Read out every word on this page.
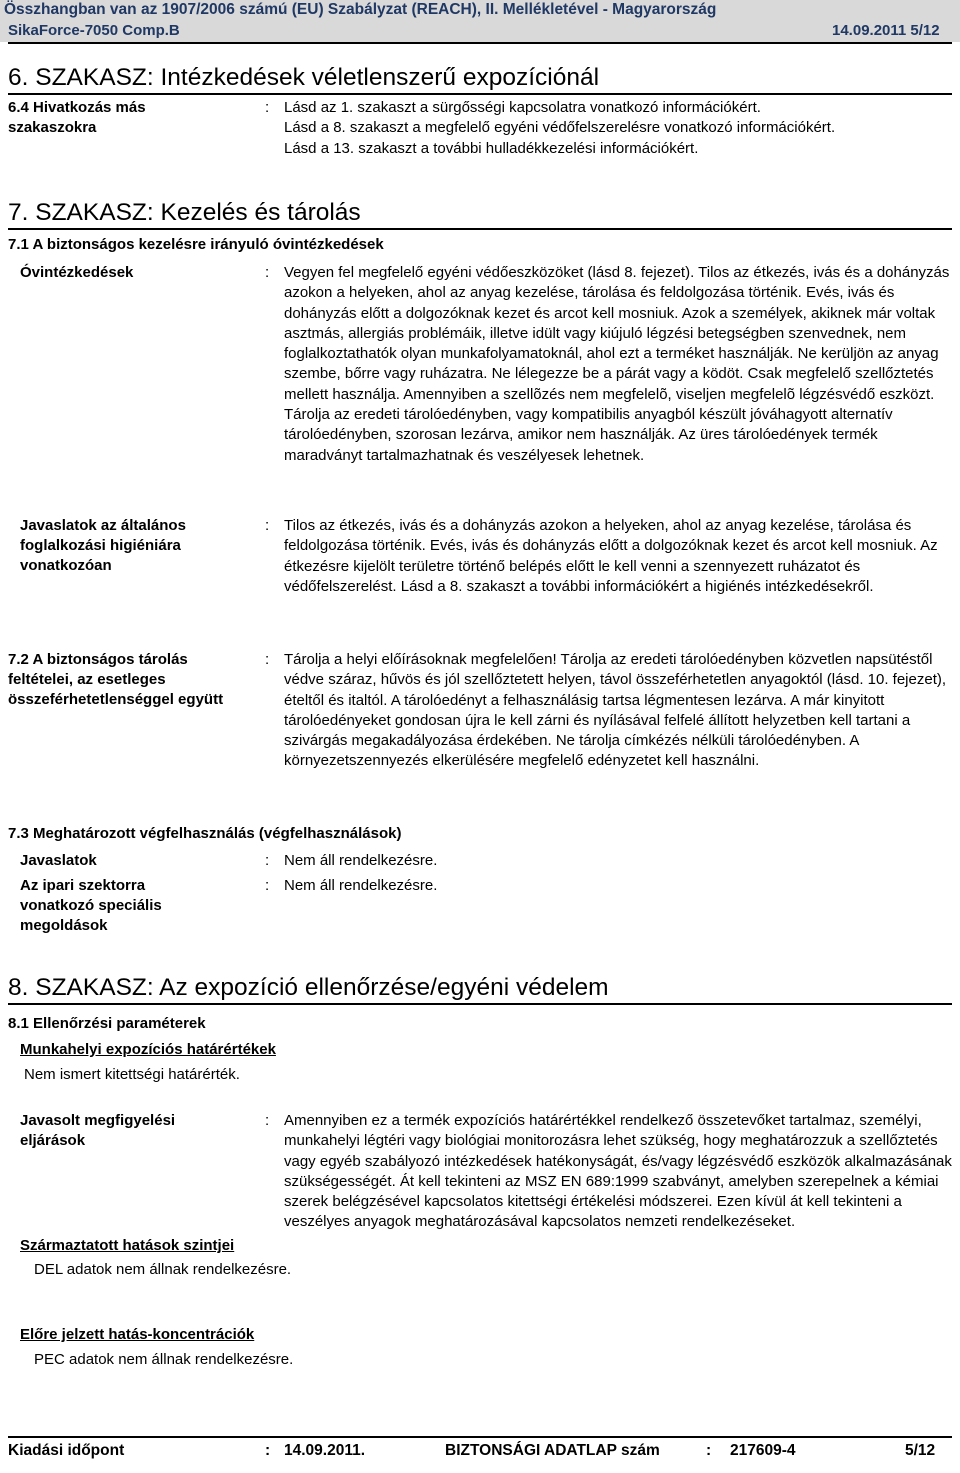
Összhangban van az 1907/2006 számú (EU) Szabályzat (REACH), II. Mellékletével - Magyarország
SikaForce-7050 Comp.B	14.09.2011 5/12
6. SZAKASZ: Intézkedések véletlenszerű expozíciónál
6.4 Hivatkozás más szakaszokra
: Lásd az 1. szakaszt a sürgősségi kapcsolatra vonatkozó információkért.
Lásd a 8. szakaszt a megfelelő egyéni védőfelszerelésre vonatkozó információkért.
Lásd a 13. szakaszt a további hulladékkezelési információkért.
7. SZAKASZ: Kezelés és tárolás
7.1 A biztonságos kezelésre irányuló óvintézkedések
Óvintézkedések	: Vegyen fel megfelelő egyéni védőeszközöket (lásd 8. fejezet). Tilos az étkezés, ivás és a dohányzás azokon a helyeken, ahol az anyag kezelése, tárolása és feldolgozása történik. Evés, ivás és dohányzás előtt a dolgozóknak kezet és arcot kell mosniuk. Azok a személyek, akiknek már voltak asztmás, allergiás problémáik, illetve idült vagy kiújuló légzési betegségben szenvednek, nem foglalkoztathatók olyan munkafolyamatoknál, ahol ezt a terméket használják. Ne kerüljön az anyag szembe, bőrre vagy ruházatra. Ne lélegezze be a párát vagy a ködöt. Csak megfelelő szellőztetés mellett használja. Amennyiben a szellõzés nem megfelelõ, viseljen megfelelõ légzésvédő eszközt. Tárolja az eredeti tárolóedényben, vagy kompatibilis anyagból készült jóváhagyott alternatív tárolóedényben, szorosan lezárva, amikor nem használják. Az üres tárolóedények termék maradványt tartalmazhatnak és veszélyesek lehetnek.
Javaslatok az általános foglalkozási higiéniára vonatkozóan
: Tilos az étkezés, ivás és a dohányzás azokon a helyeken, ahol az anyag kezelése, tárolása és feldolgozása történik. Evés, ivás és dohányzás előtt a dolgozóknak kezet és arcot kell mosniuk. Az étkezésre kijelölt területre történő belépés előtt le kell venni a szennyezett ruházatot és védőfelszerelést. Lásd a 8. szakaszt a további információkért a higiénés intézkedésekről.
7.2 A biztonságos tárolás feltételei, az esetleges összeférhetetlenséggel együtt
: Tárolja a helyi előírásoknak megfelelően! Tárolja az eredeti tárolóedényben közvetlen napsütéstől védve száraz, hűvös és jól szellőztetett helyen, távol összeférhetetlen anyagoktól (lásd. 10. fejezet), ételtől és italtól. A tárolóedényt a felhasználásig tartsa légmentesen lezárva. A már kinyitott tárolóedényeket gondosan újra le kell zárni és nyílásával felfelé állított helyzetben kell tartani a szivárgás megakadályozása érdekében. Ne tárolja címkézés nélküli tárolóedényben. A környezetszennyezés elkerülésére megfelelő edényzetet kell használni.
7.3 Meghatározott végfelhasználás (végfelhasználások)
Javaslatok	: Nem áll rendelkezésre.
Az ipari szektorra vonatkozó speciális megoldások
: Nem áll rendelkezésre.
8. SZAKASZ: Az expozíció ellenőrzése/egyéni védelem
8.1 Ellenőrzési paraméterek
Munkahelyi expozíciós határértékek
Nem ismert kitettségi határérték.
Javasolt megfigyelési eljárások
: Amennyiben ez a termék expozíciós határértékkel rendelkező összetevőket tartalmaz, személyi, munkahelyi légtéri vagy biológiai monitorozásra lehet szükség, hogy meghatározzuk a szellőztetés vagy egyéb szabályozó intézkedések hatékonyságát, és/vagy légzésvédő eszközök alkalmazásának szükségességét. Át kell tekinteni az MSZ EN 689:1999 szabványt, amelyben szerepelnek a kémiai szerek belégzésével kapcsolatos kitettségi értékelési módszerei. Ezen kívül át kell tekinteni a veszélyes anyagok meghatározásával kapcsolatos nemzeti rendelkezéseket.
Származtatott hatások szintjei
DEL adatok nem állnak rendelkezésre.
Előre jelzett hatás-koncentrációk
PEC adatok nem állnak rendelkezésre.
Kiadási időpont	: 14.09.2011.	BIZTONSÁGI ADATLAP szám	: 217609-4	5/12
